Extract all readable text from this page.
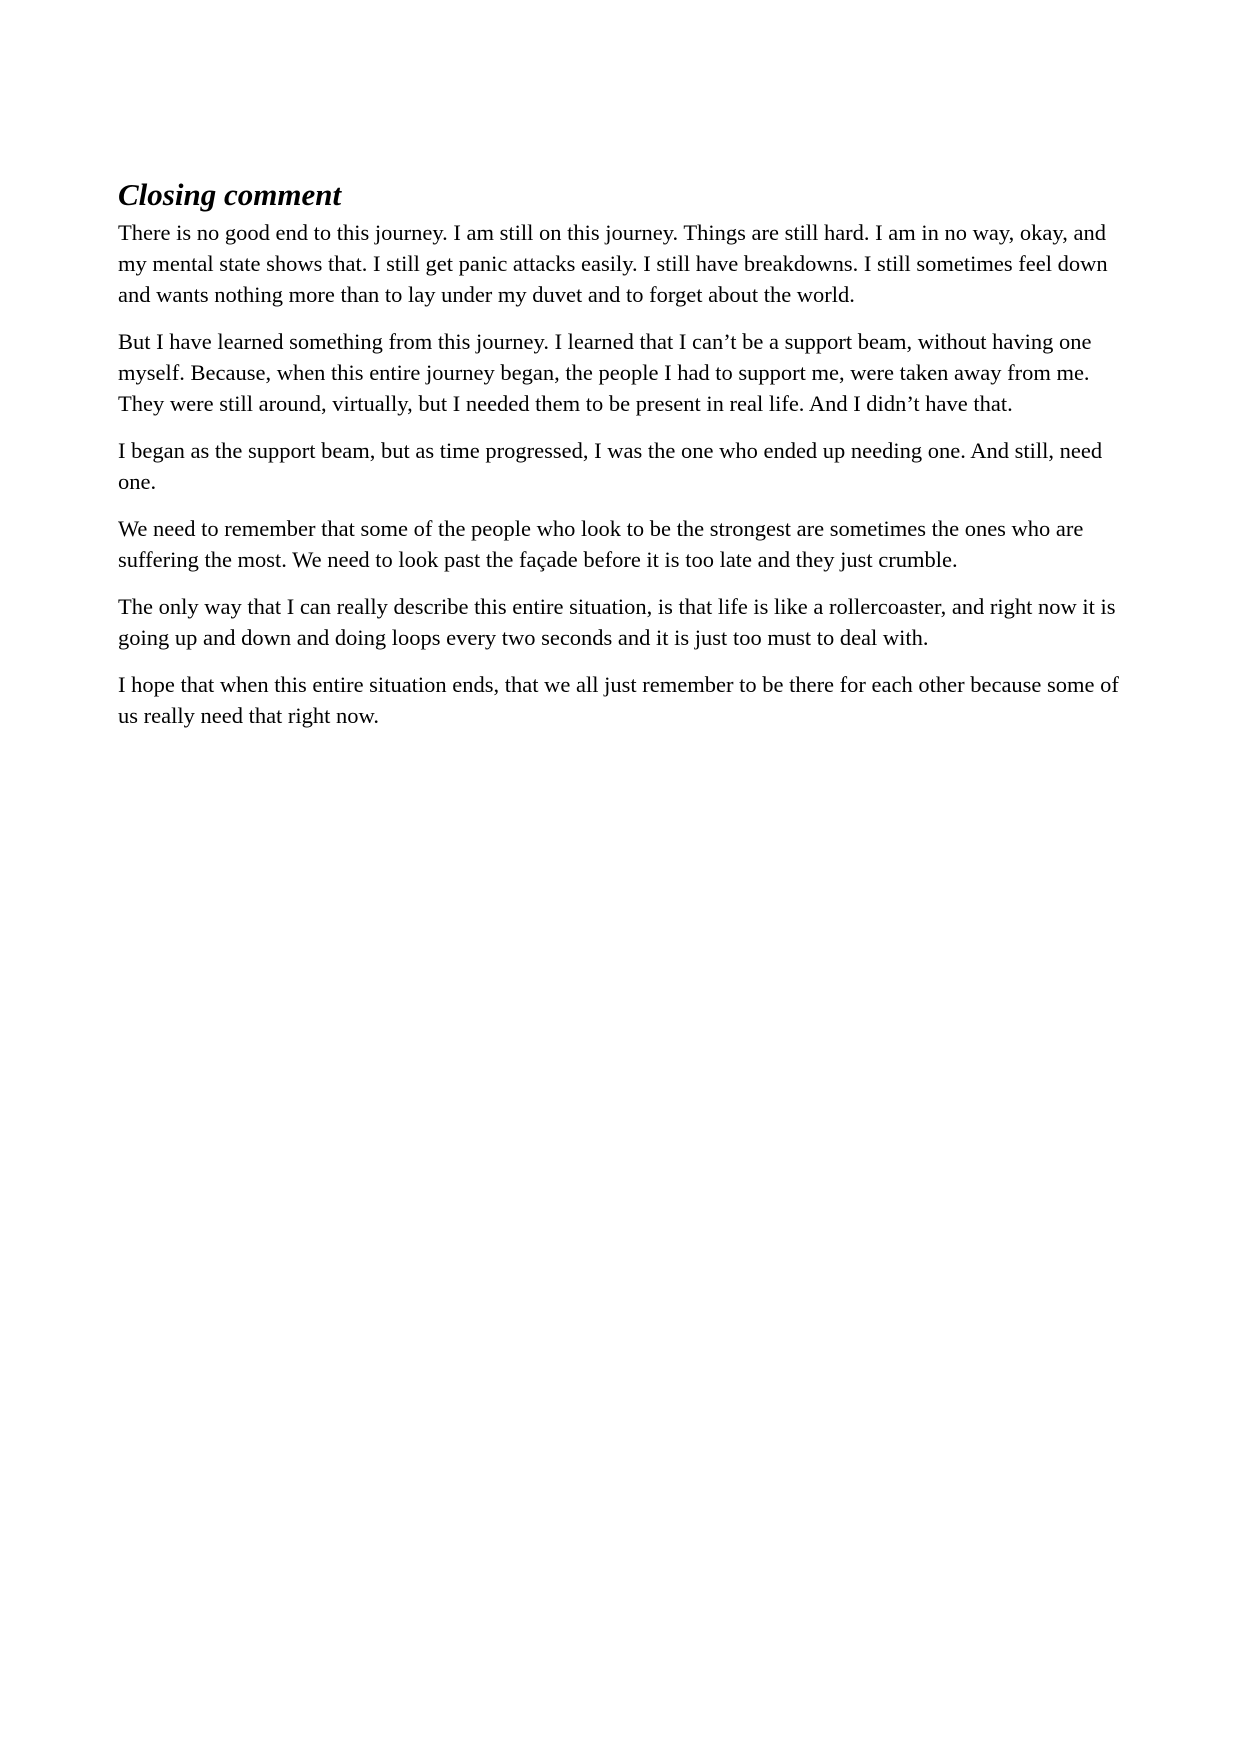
Closing comment

There is no good end to this journey. I am still on this journey. Things are still hard. I am in no way, okay, and my mental state shows that. I still get panic attacks easily. I still have breakdowns. I still sometimes feel down and wants nothing more than to lay under my duvet and to forget about the world.

But I have learned something from this journey. I learned that I can’t be a support beam, without having one myself. Because, when this entire journey began, the people I had to support me, were taken away from me. They were still around, virtually, but I needed them to be present in real life. And I didn’t have that.

I began as the support beam, but as time progressed, I was the one who ended up needing one. And still, need one.

We need to remember that some of the people who look to be the strongest are sometimes the ones who are suffering the most. We need to look past the façade before it is too late and they just crumble.

The only way that I can really describe this entire situation, is that life is like a rollercoaster, and right now it is going up and down and doing loops every two seconds and it is just too must to deal with.

I hope that when this entire situation ends, that we all just remember to be there for each other because some of us really need that right now.
